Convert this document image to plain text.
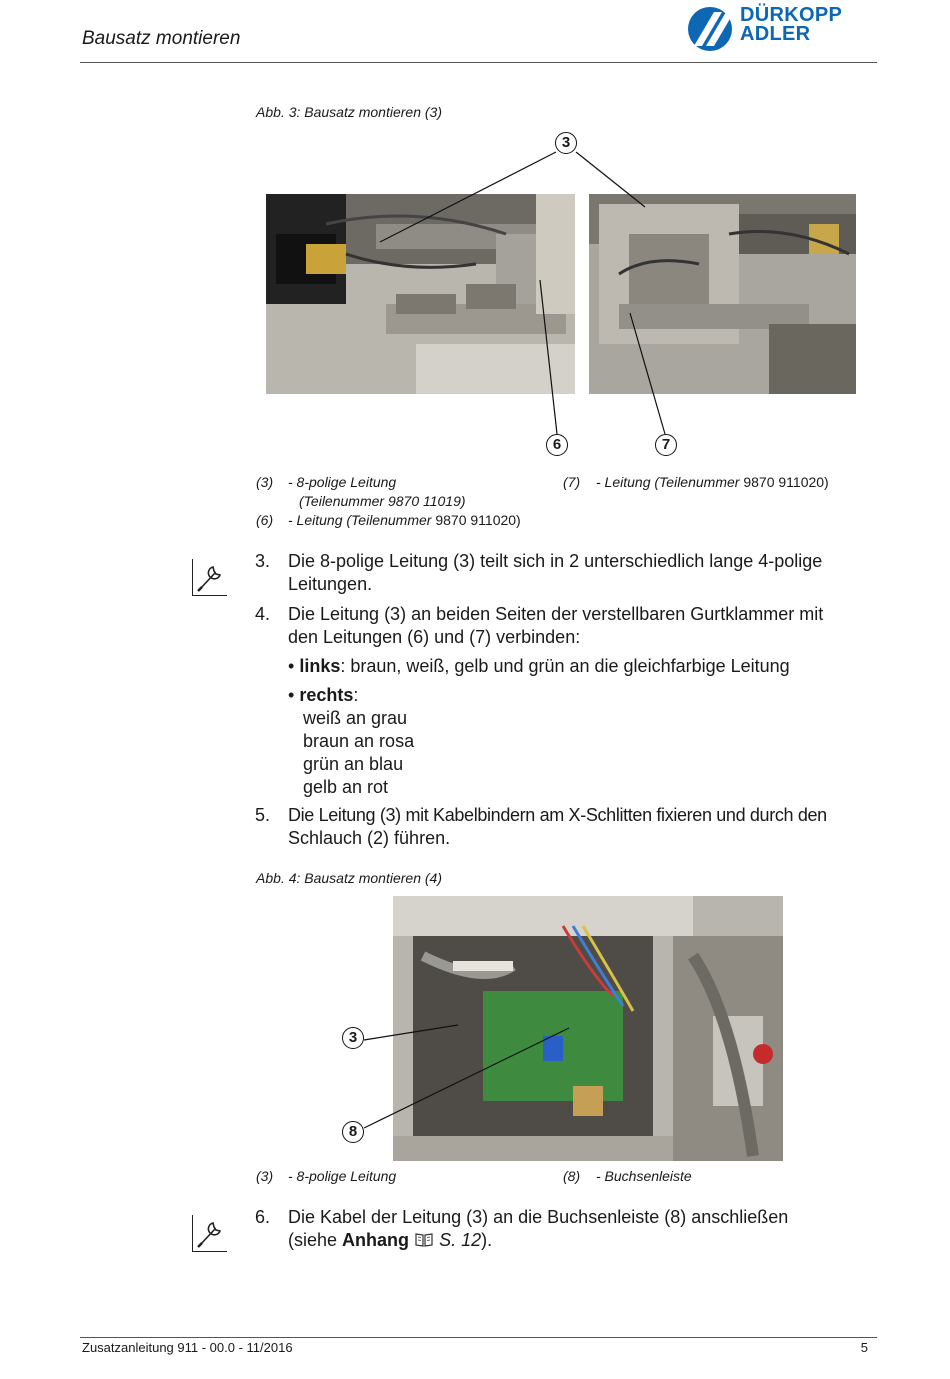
Bausatz montieren
DÜRKOPP
ADLER
Abb. 3: Bausatz montieren (3)
3
6	7
(3) - 8-polige Leitung
(Teilenummer 9870 11019)
(6) - Leitung (Teilenummer 9870 911020)
(7) - Leitung (Teilenummer 9870 911020)
3. Die 8-polige Leitung (3) teilt sich in 2 unterschiedlich lange 4-polige
Leitungen.
4. Die Leitung (3) an beiden Seiten der verstellbaren Gurtklammer mit
den Leitungen (6) und (7) verbinden:
• links: braun, weiß, gelb und grün an die gleichfarbige Leitung
• rechts:
weiß an grau
braun an rosa
grün an blau
gelb an rot
5. Die Leitung (3) mit Kabelbindern am X-Schlitten fixieren und durch den
Schlauch (2) führen.
Abb. 4: Bausatz montieren (4)
3
8
(3) - 8-polige Leitung	(8) - Buchsenleiste
6. Die Kabel der Leitung (3) an die Buchsenleiste (8) anschließen
(siehe Anhang S. 12).
Zusatzanleitung 911 - 00.0 - 11/2016	5
